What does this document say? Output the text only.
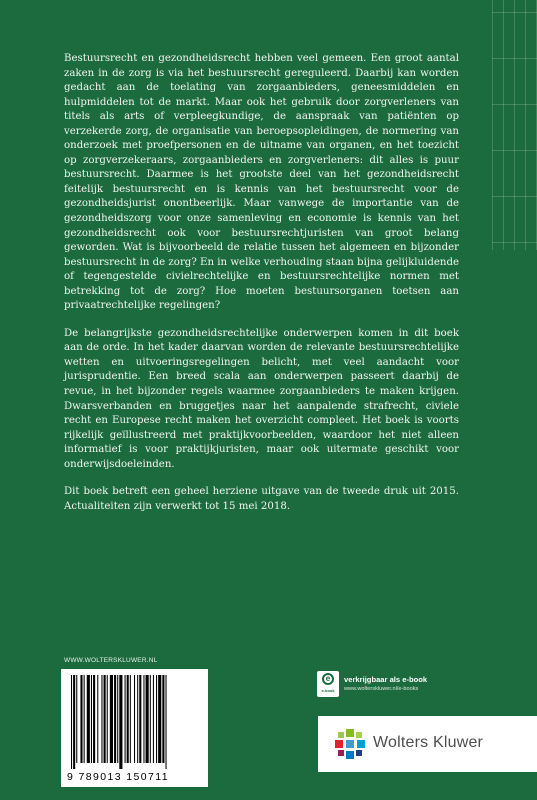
Bestuursrecht en gezondheidsrecht hebben veel gemeen. Een groot aantal zaken in de zorg is via het bestuursrecht gereguleerd. Daarbij kan worden gedacht aan de toelating van zorgaanbieders, geneesmiddelen en hulpmiddelen tot de markt. Maar ook het gebruik door zorgverleners van titels als arts of verpleegkundige, de aanspraak van patiënten op verzekerde zorg, de organisatie van beroepsopleidingen, de normering van onderzoek met proefpersonen en de uitname van organen, en het toezicht op zorgverzekeraars, zorgaanbieders en zorgverleners: dit alles is puur bestuursrecht. Daarmee is het grootste deel van het gezondheidsrecht feitelijk bestuursrecht en is kennis van het bestuursrecht voor de gezondheidsjurist onontbeerlijk. Maar vanwege de importantie van de gezondheidszorg voor onze samenleving en economie is kennis van het gezondheidsrecht ook voor bestuursrechtjuristen van groot belang geworden. Wat is bijvoorbeeld de relatie tussen het algemeen en bijzonder bestuursrecht in de zorg? En in welke verhouding staan bijna gelijkluidende of tegengestelde civielrechtelijke en bestuursrechtelijke normen met betrekking tot de zorg? Hoe moeten bestuursorganen toetsen aan privaatrechtelijke regelingen?

De belangrijkste gezondheidsrechtelijke onderwerpen komen in dit boek aan de orde. In het kader daarvan worden de relevante bestuursrechtelijke wetten en uitvoeringsregelingen belicht, met veel aandacht voor jurisprudentie. Een breed scala aan onderwerpen passeert daarbij de revue, in het bijzonder regels waarmee zorgaanbieders te maken krijgen. Dwarsverbanden en bruggetjes naar het aanpalende strafrecht, civiele recht en Europese recht maken het overzicht compleet. Het boek is voorts rijkelijk geïllustreerd met praktijkvoorbeelden, waardoor het niet alleen informatief is voor praktijkjuristen, maar ook uitermate geschikt voor onderwijsdoeleinden.

Dit boek betreft een geheel herziene uitgave van de tweede druk uit 2015. Actualiteiten zijn verwerkt tot 15 mei 2018.

WWW.WOLTERSKLUWER.NL
9 789013 150711
e
e-book
verkrijgbaar als e-book
www.wolterskluwer.nl/e-books
Wolters Kluwer
